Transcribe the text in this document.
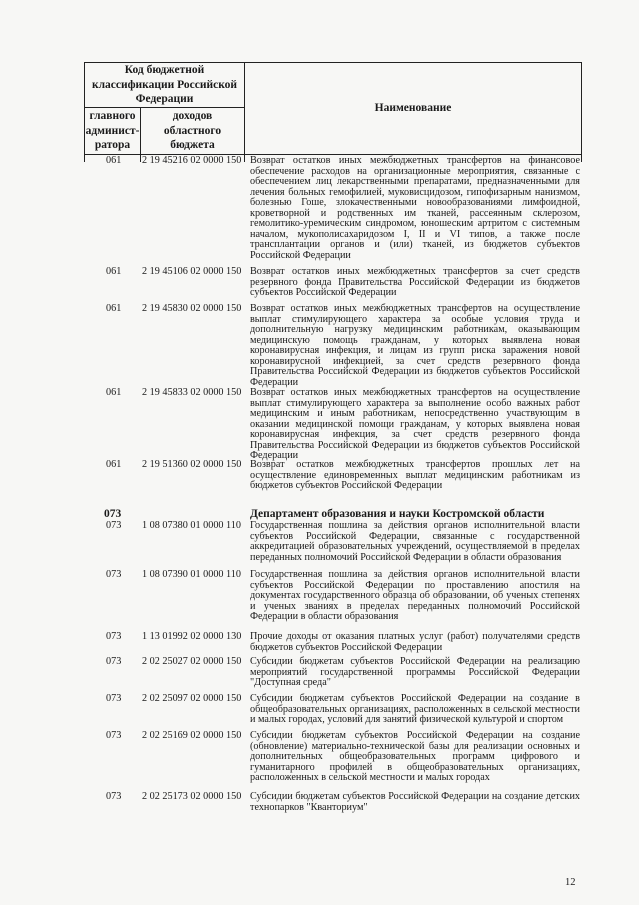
Код бюджетной классификации Российской Федерации
главного админист- ратора
доходов областного бюджета
Наименование
061 2 19 45216 02 0000 150 Возврат остатков иных межбюджетных трансфертов на финансовое обеспечение расходов на организационные мероприятия, связанные с обеспечением лиц лекарственными препаратами, предназначенными для лечения больных гемофилией, муковисцидозом, гипофизарным нанизмом, болезнью Гоше, злокачественными новообразованиями лимфоидной, кроветворной и родственных им тканей, рассеянным склерозом, гемолитико-уремическим синдромом, юношеским артритом с системным началом, мукополисахаридозом I, II и VI типов, а также после трансплантации органов и (или) тканей, из бюджетов субъектов Российской Федерации
061 2 19 45106 02 0000 150 Возврат остатков иных межбюджетных трансфертов за счет средств резервного фонда Правительства Российской Федерации из бюджетов субъектов Российской Федерации
061 2 19 45830 02 0000 150 Возврат остатков иных межбюджетных трансфертов на осуществление выплат стимулирующего характера за особые условия труда и дополнительную нагрузку медицинским работникам, оказывающим медицинскую помощь гражданам, у которых выявлена новая коронавирусная инфекция, и лицам из групп риска заражения новой коронавирусной инфекцией, за счет средств резервного фонда Правительства Российской Федерации из бюджетов субъектов Российской Федерации
061 2 19 45833 02 0000 150 Возврат остатков иных межбюджетных трансфертов на осуществление выплат стимулирующего характера за выполнение особо важных работ медицинским и иным работникам, непосредственно участвующим в оказании медицинской помощи гражданам, у которых выявлена новая коронавирусная инфекция, за счет средств резервного фонда Правительства Российской Федерации из бюджетов субъектов Российской Федерации
061 2 19 51360 02 0000 150 Возврат остатков межбюджетных трансфертов прошлых лет на осуществление единовременных выплат медицинским работникам из бюджетов субъектов Российской Федерации
073	Департамент образования и науки Костромской области
073 1 08 07380 01 0000 110 Государственная пошлина за действия органов исполнительной власти субъектов Российской Федерации, связанные с государственной аккредитацией образовательных учреждений, осуществляемой в пределах переданных полномочий Российской Федерации в области образования
073 1 08 07390 01 0000 110 Государственная пошлина за действия органов исполнительной власти субъектов Российской Федерации по проставлению апостиля на документах государственного образца об образовании, об ученых степенях и ученых званиях в пределах переданных полномочий Российской Федерации в области образования
073 1 13 01992 02 0000 130 Прочие доходы от оказания платных услуг (работ) получателями средств бюджетов субъектов Российской Федерации
073 2 02 25027 02 0000 150 Субсидии бюджетам субъектов Российской Федерации на реализацию мероприятий государственной программы Российской Федерации "Доступная среда"
073 2 02 25097 02 0000 150 Субсидии бюджетам субъектов Российской Федерации на создание в общеобразовательных организациях, расположенных в сельской местности и малых городах, условий для занятий физической культурой и спортом
073 2 02 25169 02 0000 150 Субсидии бюджетам субъектов Российской Федерации на создание (обновление) материально-технической базы для реализации основных и дополнительных общеобразовательных программ цифрового и гуманитарного профилей в общеобразовательных организациях, расположенных в сельской местности и малых городах
073 2 02 25173 02 0000 150 Субсидии бюджетам субъектов Российской Федерации на создание детских технопарков "Кванториум"
12
